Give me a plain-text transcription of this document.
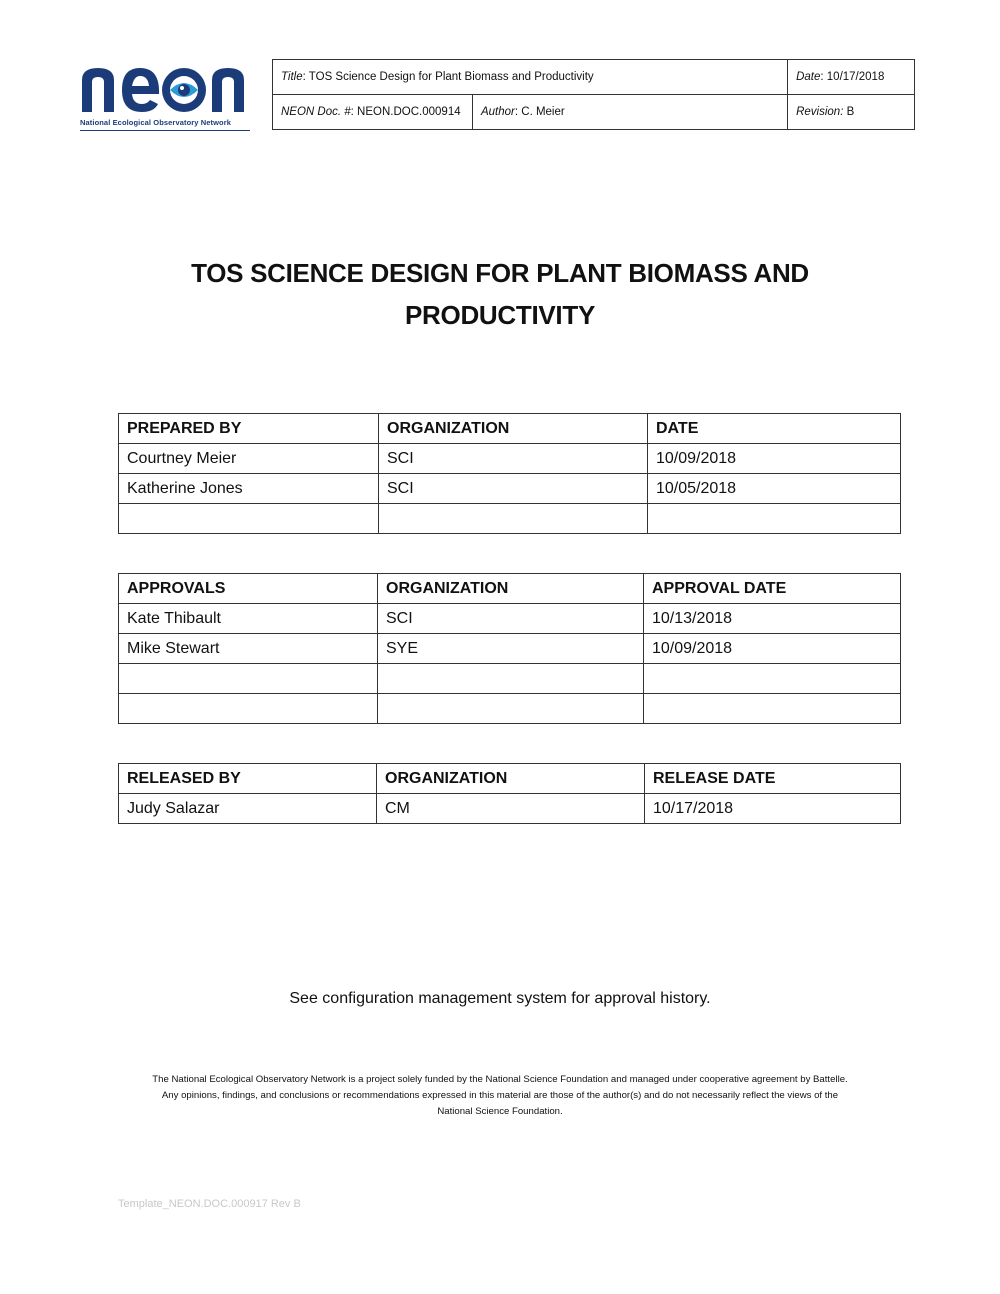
National Ecological Observatory Network
Title: TOS Science Design for Plant Biomass and Productivity		Date: 10/17/2018
NEON Doc. #: NEON.DOC.000914	Author: C. Meier	Revision: B
TOS SCIENCE DESIGN FOR PLANT BIOMASS AND
PRODUCTIVITY
PREPARED BY	ORGANIZATION	DATE
Courtney Meier	SCI	10/09/2018
Katherine Jones	SCI	10/05/2018

APPROVALS	ORGANIZATION	APPROVAL DATE
Kate Thibault	SCI	10/13/2018
Mike Stewart	SYE	10/09/2018

RELEASED BY	ORGANIZATION	RELEASE DATE
Judy Salazar	CM	10/17/2018
See configuration management system for approval history.
The National Ecological Observatory Network is a project solely funded by the National Science Foundation and managed under cooperative agreement by Battelle.
Any opinions, findings, and conclusions or recommendations expressed in this material are those of the author(s) and do not necessarily reflect the views of the
National Science Foundation.
Template_NEON.DOC.000917 Rev B
